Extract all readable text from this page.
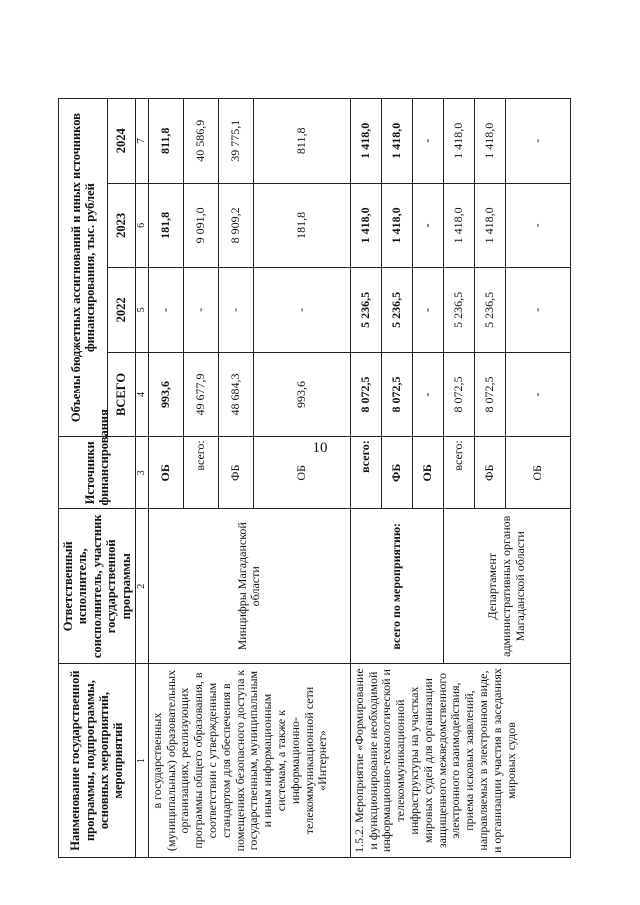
10
Наименование государственной программы, подпрограммы, основных мероприятий, мероприятий	Ответственный исполнитель, соисполнитель, участник государственной программы	Источники финансирования	Объемы бюджетных ассигнований и иных источников финансирования, тыс. рублей			
			ВСЕГО	2022	2023	2024
1	2	3	4	5	6	7
в государственных (муниципальных) образовательных организациях, реализующих программы общего образования, в соответствии с утвержденным стандартом для обеспечения в помещениях безопасного доступа к государственным, муниципальным и иным информационным системам, а также к информационно-телекоммуникационной сети «Интернет»	Минцифры Магаданской области	ОБ	993,6	-	181,8	811,8
		всего:	49 677,9	-	9 091,0	40 586,9
		ФБ	48 684,3	-	8 909,2	39 775,1
		ОБ	993,6	-	181,8	811,8
1.5.2. Мероприятие «Формирование и функционирование необходимой информационно-технологической и телекоммуникационной инфраструктуры на участках мировых судей для организации защищенного межведомственного электронного взаимодействия, приема исковых заявлений, направляемых в электронном виде, и организации участия в заседаниях мировых судов	всего по мероприятию:	всего:	8 072,5	5 236,5	1 418,0	1 418,0
		ФБ	8 072,5	5 236,5	1 418,0	1 418,0
		ОБ	-	-	-	-
	Департамент административных органов Магаданской области	всего:	8 072,5	5 236,5	1 418,0	1 418,0
		ФБ	8 072,5	5 236,5	1 418,0	1 418,0
		ОБ	-	-	-	-
